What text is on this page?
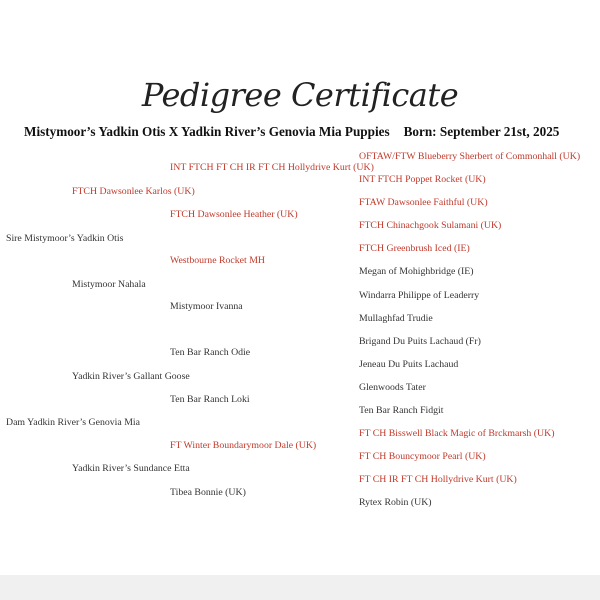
Pedigree Certificate
Mistymoor’s Yadkin Otis X Yadkin River’s Genovia Mia Puppies Born: September 21st, 2025
Sire Mistymoor’s Yadkin Otis
Dam Yadkin River’s Genovia Mia
FTCH Dawsonlee Karlos (UK)
Mistymoor Nahala
Yadkin River’s Gallant Goose
Yadkin River’s Sundance Etta
INT FTCH FT CH IR FT CH Hollydrive Kurt (UK)
FTCH Dawsonlee Heather (UK)
Westbourne Rocket MH
Mistymoor Ivanna
Ten Bar Ranch Odie
Ten Bar Ranch Loki
FT Winter Boundarymoor Dale (UK)
Tibea Bonnie (UK)
OFTAW/FTW Blueberry Sherbert of Commonhall (UK)
INT FTCH Poppet Rocket (UK)
FTAW Dawsonlee Faithful (UK)
FTCH Chinachgook Sulamani (UK)
FTCH Greenbrush Iced (IE)
Megan of Mohighbridge (IE)
Windarra Philippe of Leaderry
Mullaghfad Trudie
Brigand Du Puits Lachaud (Fr)
Jeneau Du Puits Lachaud
Glenwoods Tater
Ten Bar Ranch Fidgit
FT CH Bisswell Black Magic of Brckmarsh (UK)
FT CH Bouncymoor Pearl (UK)
FT CH IR FT CH Hollydrive Kurt (UK)
Rytex Robin (UK)
